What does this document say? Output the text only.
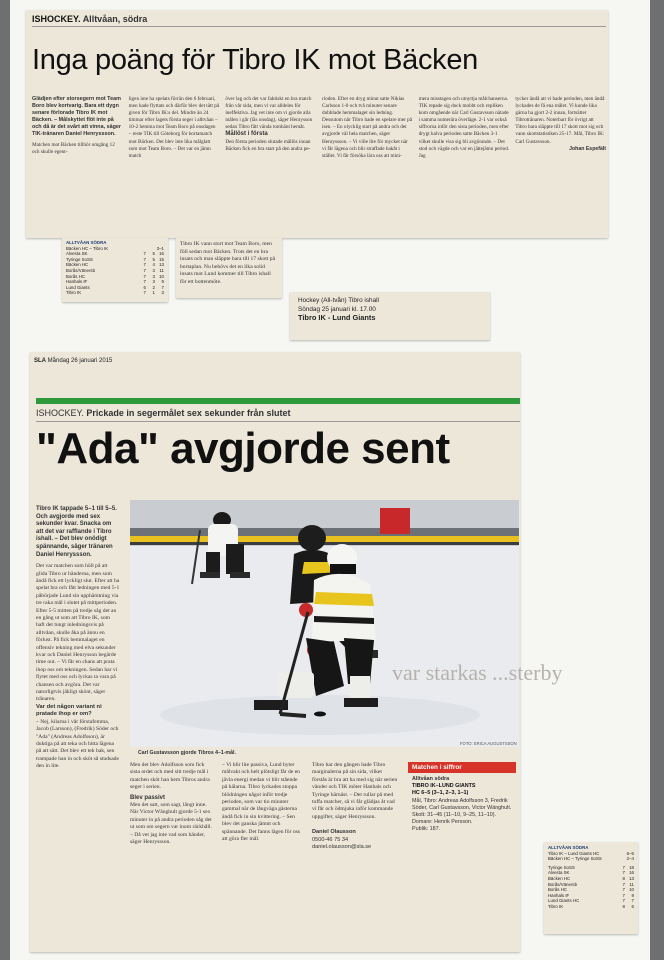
ISHOCKEY. Alltvåan, södra
Inga poäng för Tibro IK mot Bäcken
Glädjen efter storsegern mot Team Boro blev kortvarig. Bara ett dygn senare förlorade Tibro IK mot Bäcken. – Målskyttet flöt inte på och då är det svårt att vinna, säger TIK-tränaren Daniel Henryssson.
Matchen mot Bäcken tillhör omgång 12 och skulle egent-
ligen inte ha spelats förrän den 6 februari, men hade flyttats och därför blev det tätt på given för Tibro IK:s del. Mindre än 24 timmar efter lagets första seger i alltvåan – 10-2 hemma mot Team Boro på onsdagen – reste TIK till Göteborg för bortamatch mot Bäcken. Det blev inte lika målglatt som mot Team Boro. – Det var en jämn match
över lag och det var faktiskt en bra match från vår sida, men vi var alldeles för ineffektiva. Jag vet inte om vi gjorde alla målen i går (läs onsdag), säger Henrysson sedan Tibro fått vända tomhänt hemåt.
Mållöst i första
Den första perioden slutade mållös innan Bäcken fick en bra start på den andra pe-
rioden. Efter en dryg minut satte Niklas Carlsson 1-0 och två minuter senare dubblade hemmalaget sin ledning. Dessutom når Tibro hade en spelare mer på isen. – En olycklig start på andra och det avgjorde väl hela matchen, säger Henryssson. – Vi ville lite för mycket när vi får lägena och blir straffade bakåt i stället. Vi får försöka lära oss att mini-
mera misstagen och utnyttja målchanserna. TIK repade sig dock mobbt och repliken kom omgående när Carl Gustavsson nätade i samma numerära överläge. 2-1 var också siffrorna inför den sista perioden, men efter drygt halva perioden satte Bäcken 3-1 vilket skulle visa sig bli avgörande. – Det stod och vägde och var en jättejämn period. Jag
tycker ändå att vi hade perioden, men ändå lyckades de få ena målet. Vi kunde lika gärna ha gjort 2-2 innan, fortsätter Tibrotränaren. Noterbart för övrigt att Tibro bara släppte till 17 skott mot sig och vann skottstatistiken 25-17. Mål, Tibro IK: Carl Gustavsson.
Johan Espefält
ALLTVÅAN SÖDRA
Bäcken HC – Tibro IK	3–1
Alvesta SK	7	5 16
Tyringe SoSS	7	5 15
Bäcken HC	7	4 13
Borås/Vänersb	7	3	11
Borås HC	7	3 10
Hanhals IF	7	3	9
Lund Giants	6	2	7
Tibro IK	7	1	3
Tibro IK vann stort mot Team Boro, men föll sedan mot Bäcken. Trots det en bra insats och man släppte bara till 17 skott på bortaplan. Nu behövs det en lika solid insats mot Lund kommer till Tibro ishall för ett bottenmöte.
Hockey (All-tvån) Tibro ishall
Söndag 25 januari kl. 17.00
Tibro IK - Lund Giants
SLA Måndag 26 januari 2015
ISHOCKEY. Prickade in segermålet sex sekunder från slutet
"Ada" avgjorde sent
Tibro IK tappade 5–1 till 5–5. Och avgjorde med sex sekunder kvar. Snacka om att det var rafflande i Tibro ishall. – Det blev onödigt spännande, säger tränaren Daniel Henryssson.
Det var matchen som höll på att glida Tibro ur händerna, men som ändå fick ett lyckligt slut. Efter att ha spelat bra och fått ledningen med 5-1 påbörjade Lund sin upphämtning via tre raka mål i slutet på mittperioden. Efter 5-5 mitten på tredje såg det an en gång ut som att Tibro IK, som haft det tungt inledningsvis på alltvåan, skulle åka på ännu en förlust. På fick bemmalaget en offensiv tekning med elva sekunder kvar och Daniel Henrysson begärde time out. – Vi får en chans att prata ihop oss om tekningen. Sedan har vi flytet med oss och lyckas ta vara på chansen och avgöra. Det var naturligtvis jäkligt skönt, säger tränaren.
Var det någon variant ni pratade ihop er om?
– Nej, kilarna i vår förstafemma, Jacob (Larsson), (Fredrik) Söder och "Ada" (Andreas Adolfsson), är duktiga på att teka och hitta lägena på att sätt. Det blev ett tek bak, sen trampade han in och sköt så studsade den in lite.
var starkas ...sterby
Carl Gustavsson gjorde Tibros 4–1-mål.
FOTO: ERICA AUGUSTSSON
Men det blev Adolfsson som fick sista ordet och med sitt tredje mål i matchen sköt han hem Tibros andra seger i serien.
Blev passivt
Men det satt, som sagt, långt inne. När Victor Wänghult gjorde 5-1 sex minuter in på andra perioden såg det ut som om segern var inom räckhåll. – Då vet jag inte vad som händer, säger Henryssson.
– Vi blir lite passiva, Lund byter målvakt och helt plötsligt får de en jävla energi medan vi blir stående på hälarna. Tibro lyckades stoppa blödningen något inför tredje perioden, som var tio minuter gammal när de långväga gästerna ändå fick in sin kvittering. – Sen blev det ganska jämnt och spännande. Det fanns lägen för oss att göra fler mål.
Tibro har den gången hade Tibro marginalerna på sin sida, vilket förstås är bra att ha med sig när serien vänder och TIK möter Hanhals och Tyringe härnäst. – Det rullar på med tuffa matcher, så vi får glädjas åt vad vi får och ödmjuka inför kommande uppgifter, säger Henryssson.
Daniel Olausson
0500-46 75 34
daniel.olausson@sla.se
Matchen i siffror
Alltvåan södra
TIBRO IK–LUND GIANTS
HC 6–5 (3–1, 2–3, 1–1)
Mål, Tibro: Andreas Adolfsson 3, Fredrik Söder, Carl Gustavsson, Victor Wänghult.
Skott: 31–45 (11–10, 9–25, 11–10).
Domare: Henrik Persson.
Publik: 187.
ALLTVÅAN SÖDRA
Tibro IK – Lund Giants HC	6–5
Bäcken HC – Tyringe SoSS	2–4
Tyringe SoSS	7 18
Alvesta SK	7 16
Bäcken HC	8 13
Borås/Vänersb	7	11
Borås HC	7 10
Hanhals IF	7	9
Lund Giants HC	7	7
Tibro IK	8	6
